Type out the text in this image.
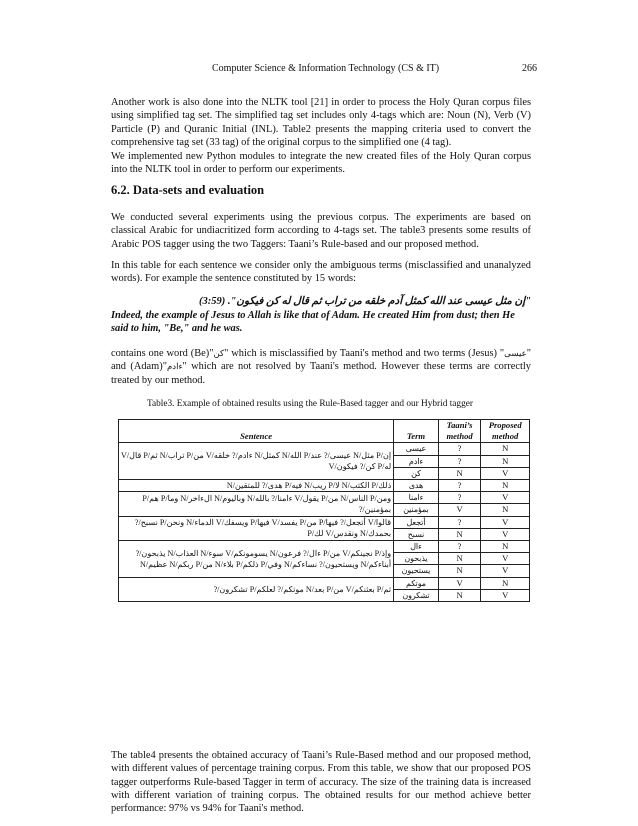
Computer Science & Information Technology (CS & IT)	266

Another work is also done into the NLTK tool [21] in order to process the Holy Quran corpus files using simplified tag set. The simplified tag set includes only 4-tags which are: Noun (N), Verb (V) Particle (P) and Quranic Initial (INL). Table2 presents the mapping criteria used to convert the comprehensive tag set (33 tag) of the original corpus to the simplified one (4 tag).

We implemented new Python modules to integrate the new created files of the Holy Quran corpus into the NLTK tool in order to perform our experiments.

6.2. Data-sets and evaluation

We conducted several experiments using the previous corpus. The experiments are based on classical Arabic for undiacritized form according to 4-tags set. The table3 presents some results of Arabic POS tagger using the two Taggers: Taani’s Rule-based and our proposed method.

In this table for each sentence we consider only the ambiguous terms (misclassified and unanalyzed words). For example the sentence constituted by 15 words:

"إن مثل عيسى عند الله كمثل آدم خلقه من تراب ثم قال له كن فيكون". (3:59)

Indeed, the example of Jesus to Allah is like that of Adam. He created Him from dust; then He said to him, "Be," and he was.

contains one word (Be)"كن" which is misclassified by Taani's method and two terms (Jesus) "عيسى" and (Adam)"ءادم" which are not resolved by Taani's method. However these terms are correctly treated by our method.

Table3. Example of obtained results using the Rule-Based tagger and our Hybrid tagger
Sentence	Term	Taani’s method	Proposed method

إن/P مثل/N عيسى/? عند/P الله/N كمثل/N ءادم/? خلقه/V من/P تراب/N ثم/P قال/V
له/P كن/? فيكون/V	عيسى	?	N
	ءادم	?	N
	كن	N	V

ذلك/P الكتب/N لا/P ريب/N فيه/P هدى/? للمتقين/N	هدى	?	N

ومن/P الناس/N من/P يقول/V ءامنا/? بالله/N وباليوم/N الءاخر/N وما/P هم/P
بمؤمنين/?	ءامنا	?	V
	بمؤمنين	V	N

قالوا/V أتجعل/? فيها/P من/P يفسد/V فيها/P ويسفك/V الدماء/N ونحن/P نسبح/?
بحمدك/N ونقدس/V لك/P	أتجعل	?	V
	نسبح	N	V

وإذ/P نجينكم/V من/P ءال/? فرعون/N يسومونكم/V سوء/N العذاب/N يذبحون/?
أبناءكم/N ويستحيون/? نساءكم/N وفي/P ذلكم/P بلاء/N من/P ربكم/N عظيم/N	ءال	?	N
	يذبحون	N	V
	يستحيون	N	V

ثم/P بعثنكم/V من/P بعد/N موتكم/? لعلكم/P تشكرون/?	موتكم	V	N
	تشكرون	N	V

The table4 presents the obtained accuracy of Taani’s Rule-Based method and our proposed method, with different values of percentage training corpus. From this table, we show that our proposed POS tagger outperforms Rule-based Tagger in term of accuracy. The size of the training data is increased with different variation of training corpus. The obtained results for our method achieve better performance: 97% vs 94% for Taani's method.
